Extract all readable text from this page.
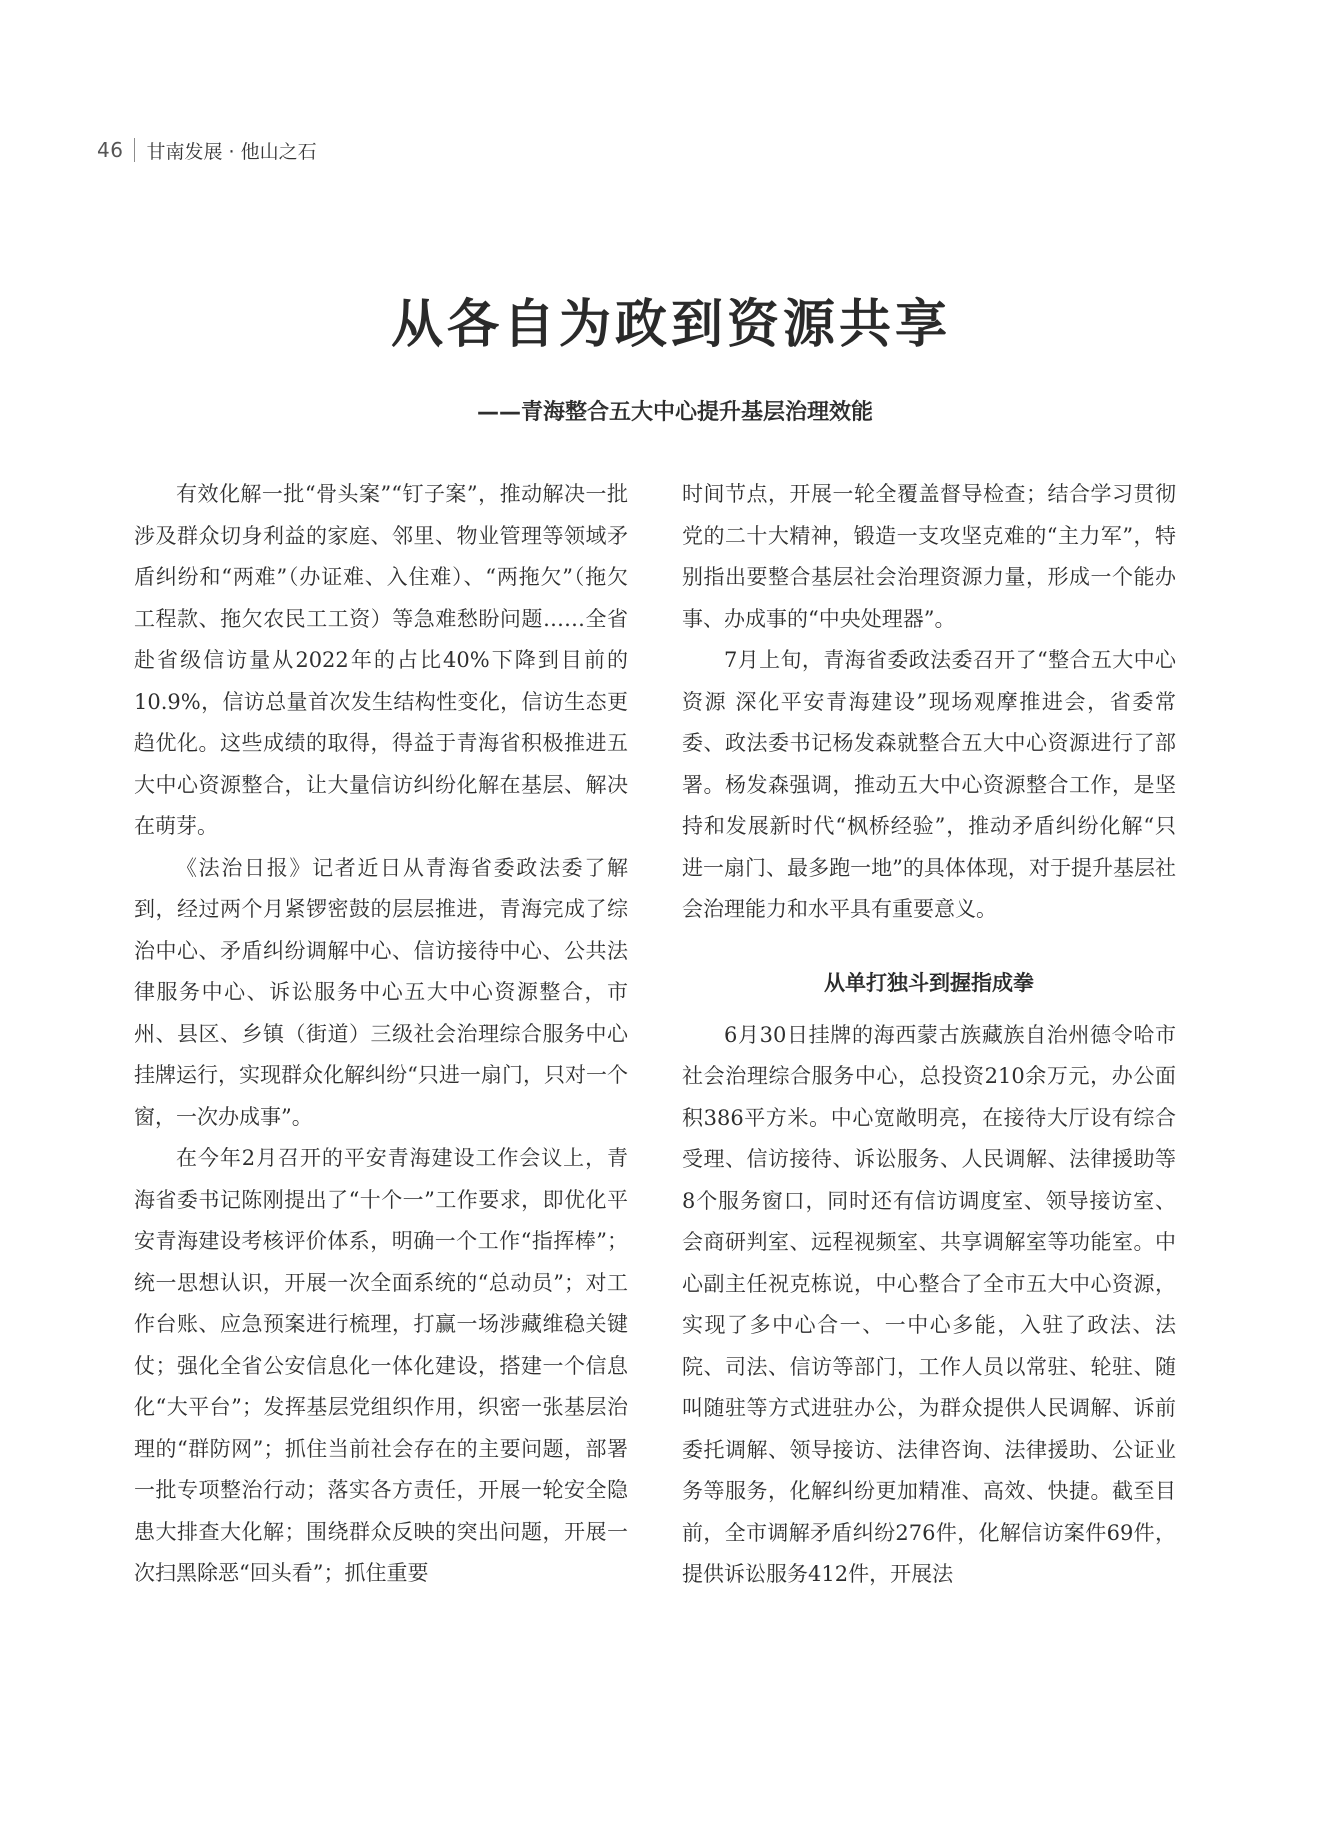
46 甘南发展 · 他山之石
从各自为政到资源共享
——青海整合五大中心提升基层治理效能

有效化解一批“骨头案”“钉子案”，推动解决一批涉及群众切身利益的家庭、邻里、物业管理等领域矛盾纠纷和“两难”（办证难、入住难）、“两拖欠”（拖欠工程款、拖欠农民工工资）等急难愁盼问题……全省赴省级信访量从2022年的占比40%下降到目前的10.9%，信访总量首次发生结构性变化，信访生态更趋优化。这些成绩的取得，得益于青海省积极推进五大中心资源整合，让大量信访纠纷化解在基层、解决在萌芽。

《法治日报》记者近日从青海省委政法委了解到，经过两个月紧锣密鼓的层层推进，青海完成了综治中心、矛盾纠纷调解中心、信访接待中心、公共法律服务中心、诉讼服务中心五大中心资源整合，市州、县区、乡镇（街道）三级社会治理综合服务中心挂牌运行，实现群众化解纠纷“只进一扇门，只对一个窗，一次办成事”。

在今年2月召开的平安青海建设工作会议上，青海省委书记陈刚提出了“十个一”工作要求，即优化平安青海建设考核评价体系，明确一个工作“指挥棒”；统一思想认识，开展一次全面系统的“总动员”；对工作台账、应急预案进行梳理，打赢一场涉藏维稳关键仗；强化全省公安信息化一体化建设，搭建一个信息化“大平台”；发挥基层党组织作用，织密一张基层治理的“群防网”；抓住当前社会存在的主要问题，部署一批专项整治行动；落实各方责任，开展一轮安全隐患大排查大化解；围绕群众反映的突出问题，开展一次扫黑除恶“回头看”；抓住重要

时间节点，开展一轮全覆盖督导检查；结合学习贯彻党的二十大精神，锻造一支攻坚克难的“主力军”，特别指出要整合基层社会治理资源力量，形成一个能办事、办成事的“中央处理器”。

7月上旬，青海省委政法委召开了“整合五大中心资源 深化平安青海建设”现场观摩推进会，省委常委、政法委书记杨发森就整合五大中心资源进行了部署。杨发森强调，推动五大中心资源整合工作，是坚持和发展新时代“枫桥经验”，推动矛盾纠纷化解“只进一扇门、最多跑一地”的具体体现，对于提升基层社会治理能力和水平具有重要意义。

从单打独斗到握指成拳

6月30日挂牌的海西蒙古族藏族自治州德令哈市社会治理综合服务中心，总投资210余万元，办公面积386平方米。中心宽敞明亮，在接待大厅设有综合受理、信访接待、诉讼服务、人民调解、法律援助等8个服务窗口，同时还有信访调度室、领导接访室、会商研判室、远程视频室、共享调解室等功能室。中心副主任祝克栋说，中心整合了全市五大中心资源，实现了多中心合一、一中心多能，入驻了政法、法院、司法、信访等部门，工作人员以常驻、轮驻、随叫随驻等方式进驻办公，为群众提供人民调解、诉前委托调解、领导接访、法律咨询、法律援助、公证业务等服务，化解纠纷更加精准、高效、快捷。截至目前，全市调解矛盾纠纷276件，化解信访案件69件，提供诉讼服务412件，开展法
